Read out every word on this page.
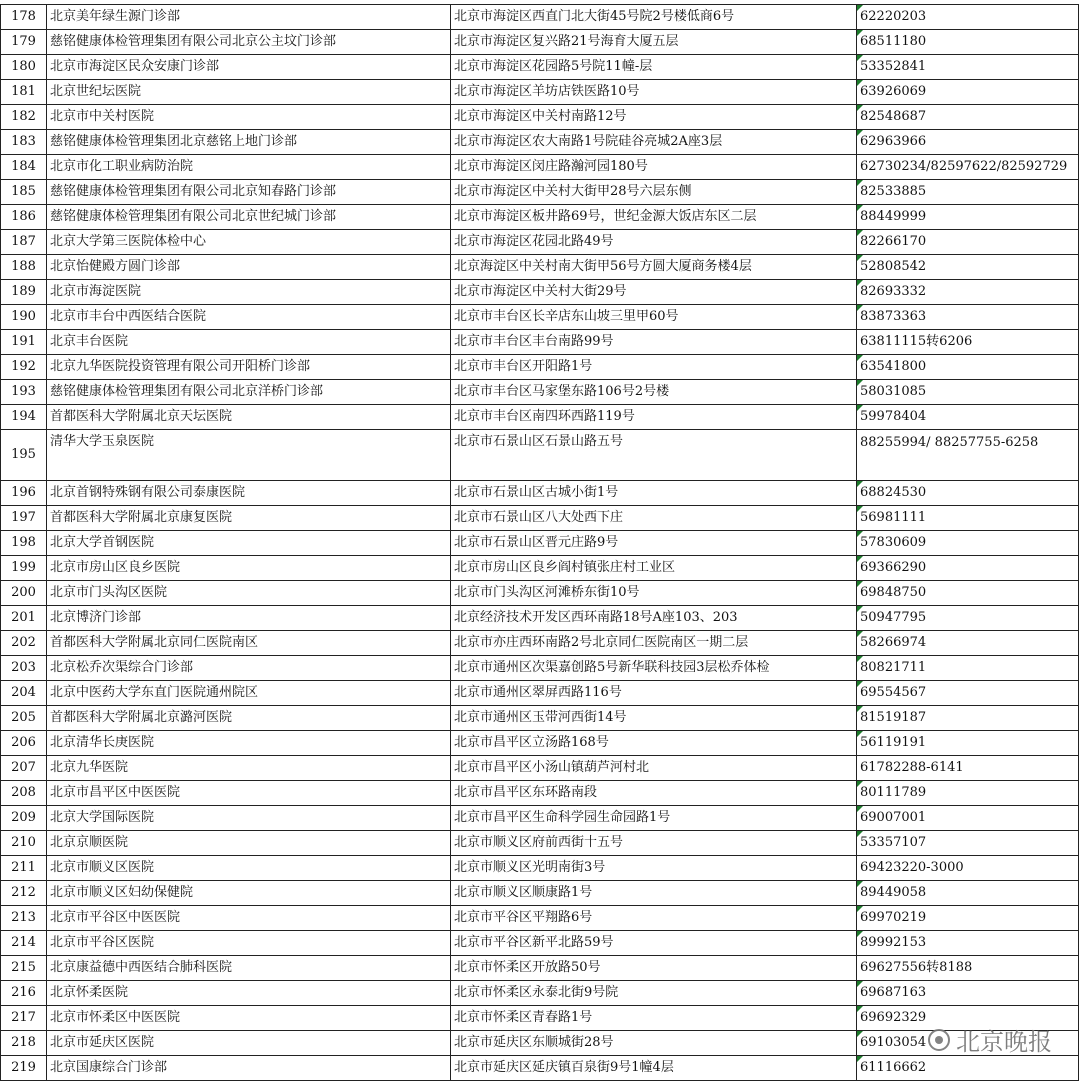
178	北京美年绿生源门诊部	北京市海淀区西直门北大街45号院2号楼低商6号	62220203
179	慈铭健康体检管理集团有限公司北京公主坟门诊部	北京市海淀区复兴路21号海育大厦五层	68511180
180	北京市海淀区民众安康门诊部	北京市海淀区花园路5号院11幢-层	53352841
181	北京世纪坛医院	北京市海淀区羊坊店铁医路10号	63926069
182	北京市中关村医院	北京市海淀区中关村南路12号	82548687
183	慈铭健康体检管理集团北京慈铭上地门诊部	北京市海淀区农大南路1号院硅谷亮城2A座3层	62963966
184	北京市化工职业病防治院	北京市海淀区闵庄路瀚河园180号	62730234/82597622/82592729
185	慈铭健康体检管理集团有限公司北京知春路门诊部	北京市海淀区中关村大街甲28号六层东侧	82533885
186	慈铭健康体检管理集团有限公司北京世纪城门诊部	北京市海淀区板井路69号，世纪金源大饭店东区二层	88449999
187	北京大学第三医院体检中心	北京市海淀区花园北路49号	82266170
188	北京怡健殿方圆门诊部	北京海淀区中关村南大街甲56号方圆大厦商务楼4层	52808542
189	北京市海淀医院	北京市海淀区中关村大街29号	82693332
190	北京市丰台中西医结合医院	北京市丰台区长辛店东山坡三里甲60号	83873363
191	北京丰台医院	北京市丰台区丰台南路99号	63811115转6206
192	北京九华医院投资管理有限公司开阳桥门诊部	北京市丰台区开阳路1号	63541800
193	慈铭健康体检管理集团有限公司北京洋桥门诊部	北京市丰台区马家堡东路106号2号楼	58031085
194	首都医科大学附属北京天坛医院	北京市丰台区南四环西路119号	59978404
195	清华大学玉泉医院	北京市石景山区石景山路五号	88255994/ 88257755-6258
196	北京首钢特殊钢有限公司泰康医院	北京市石景山区古城小街1号	68824530
197	首都医科大学附属北京康复医院	北京市石景山区八大处西下庄	56981111
198	北京大学首钢医院	北京市石景山区晋元庄路9号	57830609
199	北京市房山区良乡医院	北京市房山区良乡阎村镇张庄村工业区	69366290
200	北京市门头沟区医院	北京市门头沟区河滩桥东街10号	69848750
201	北京博济门诊部	北京经济技术开发区西环南路18号A座103、203	50947795
202	首都医科大学附属北京同仁医院南区	北京市亦庄西环南路2号北京同仁医院南区一期二层	58266974
203	北京松乔次渠综合门诊部	北京市通州区次渠嘉创路5号新华联科技园3层松乔体检	80821711
204	北京中医药大学东直门医院通州院区	北京市通州区翠屏西路116号	69554567
205	首都医科大学附属北京潞河医院	北京市通州区玉带河西街14号	81519187
206	北京清华长庚医院	北京市昌平区立汤路168号	56119191
207	北京九华医院	北京市昌平区小汤山镇葫芦河村北	61782288-6141
208	北京市昌平区中医医院	北京市昌平区东环路南段	80111789
209	北京大学国际医院	北京市昌平区生命科学园生命园路1号	69007001
210	北京京顺医院	北京市顺义区府前西街十五号	53357107
211	北京市顺义区医院	北京市顺义区光明南街3号	69423220-3000
212	北京市顺义区妇幼保健院	北京市顺义区顺康路1号	89449058
213	北京市平谷区中医医院	北京市平谷区平翔路6号	69970219
214	北京市平谷区医院	北京市平谷区新平北路59号	89992153
215	北京康益德中西医结合肺科医院	北京市怀柔区开放路50号	69627556转8188
216	北京怀柔医院	北京市怀柔区永泰北街9号院	69687163
217	北京市怀柔区中医医院	北京市怀柔区青春路1号	69692329
218	北京市延庆区医院	北京市延庆区东顺城街28号	69103054
219	北京国康综合门诊部	北京市延庆区延庆镇百泉街9号1幢4层	61116662
北京晚报
